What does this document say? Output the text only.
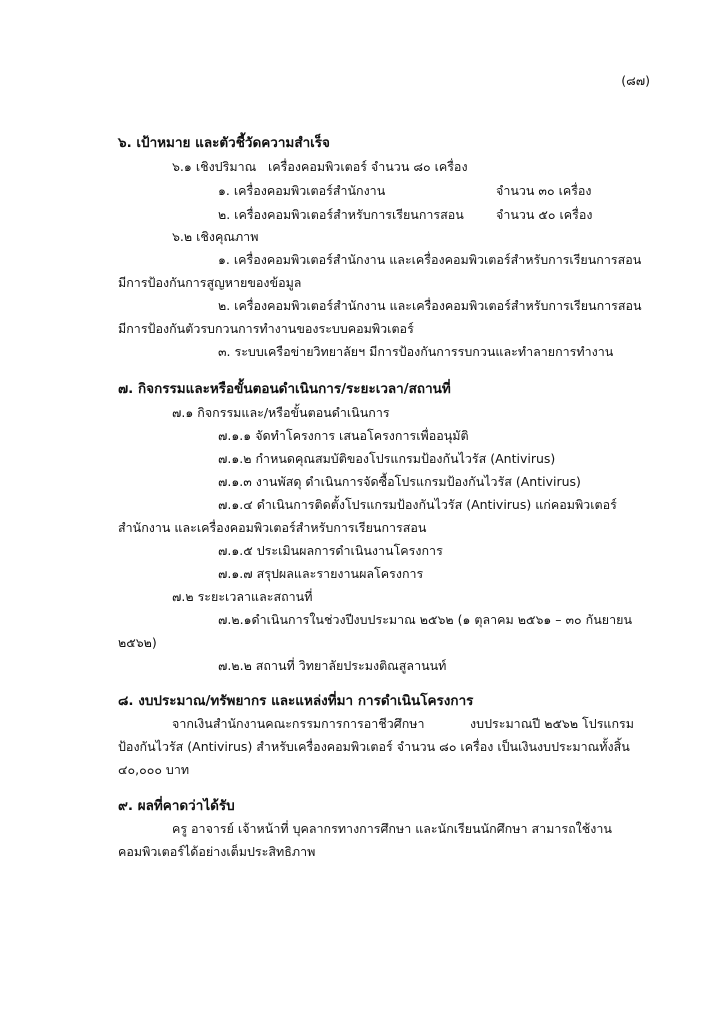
(๘๗)
๖. เป้าหมาย และตัวชี้วัดความสำเร็จ
๖.๑ เชิงปริมาณ เครื่องคอมพิวเตอร์ จำนวน ๘๐ เครื่อง
๑. เครื่องคอมพิวเตอร์สำนักงาน	จำนวน ๓๐ เครื่อง
๒. เครื่องคอมพิวเตอร์สำหรับการเรียนการสอน	จำนวน ๕๐ เครื่อง
๖.๒ เชิงคุณภาพ
๑. เครื่องคอมพิวเตอร์สำนักงาน และเครื่องคอมพิวเตอร์สำหรับการเรียนการสอน
มีการป้องกันการสูญหายของข้อมูล
๒. เครื่องคอมพิวเตอร์สำนักงาน และเครื่องคอมพิวเตอร์สำหรับการเรียนการสอน
มีการป้องกันตัวรบกวนการทำงานของระบบคอมพิวเตอร์
๓. ระบบเครือข่ายวิทยาลัยฯ มีการป้องกันการรบกวนและทำลายการทำงาน
๗. กิจกรรมและหรือขั้นตอนดำเนินการ/ระยะเวลา/สถานที่
๗.๑ กิจกรรมและ/หรือขั้นตอนดำเนินการ
๗.๑.๑ จัดทำโครงการ เสนอโครงการเพื่ออนุมัติ
๗.๑.๒ กำหนดคุณสมบัติของโปรแกรมป้องกันไวรัส (Antivirus)
๗.๑.๓ งานพัสดุ ดำเนินการจัดซื้อโปรแกรมป้องกันไวรัส (Antivirus)
๗.๑.๔ ดำเนินการติดตั้งโปรแกรมป้องกันไวรัส (Antivirus) แก่คอมพิวเตอร์
สำนักงาน และเครื่องคอมพิวเตอร์สำหรับการเรียนการสอน
๗.๑.๕ ประเมินผลการดำเนินงานโครงการ
๗.๑.๗ สรุปผลและรายงานผลโครงการ
๗.๒ ระยะเวลาและสถานที่
๗.๒.๑ดำเนินการในช่วงปีงบประมาณ ๒๕๖๒ (๑ ตุลาคม ๒๕๖๑ – ๓๐ กันยายน
๒๕๖๒)
๗.๒.๒ สถานที่ วิทยาลัยประมงติณสูลานนท์
๘. งบประมาณ/ทรัพยากร และแหล่งที่มา การดำเนินโครงการ
จากเงินสำนักงานคณะกรรมการการอาชีวศึกษา	งบประมาณปี ๒๕๖๒ โปรแกรม
ป้องกันไวรัส (Antivirus) สำหรับเครื่องคอมพิวเตอร์ จำนวน ๘๐ เครื่อง เป็นเงินงบประมาณทั้งสิ้น
๔๐,๐๐๐ บาท
๙. ผลที่คาดว่าได้รับ
ครู อาจารย์ เจ้าหน้าที่ บุคลากรทางการศึกษา และนักเรียนนักศึกษา สามารถใช้งาน
คอมพิวเตอร์ได้อย่างเต็มประสิทธิภาพ
